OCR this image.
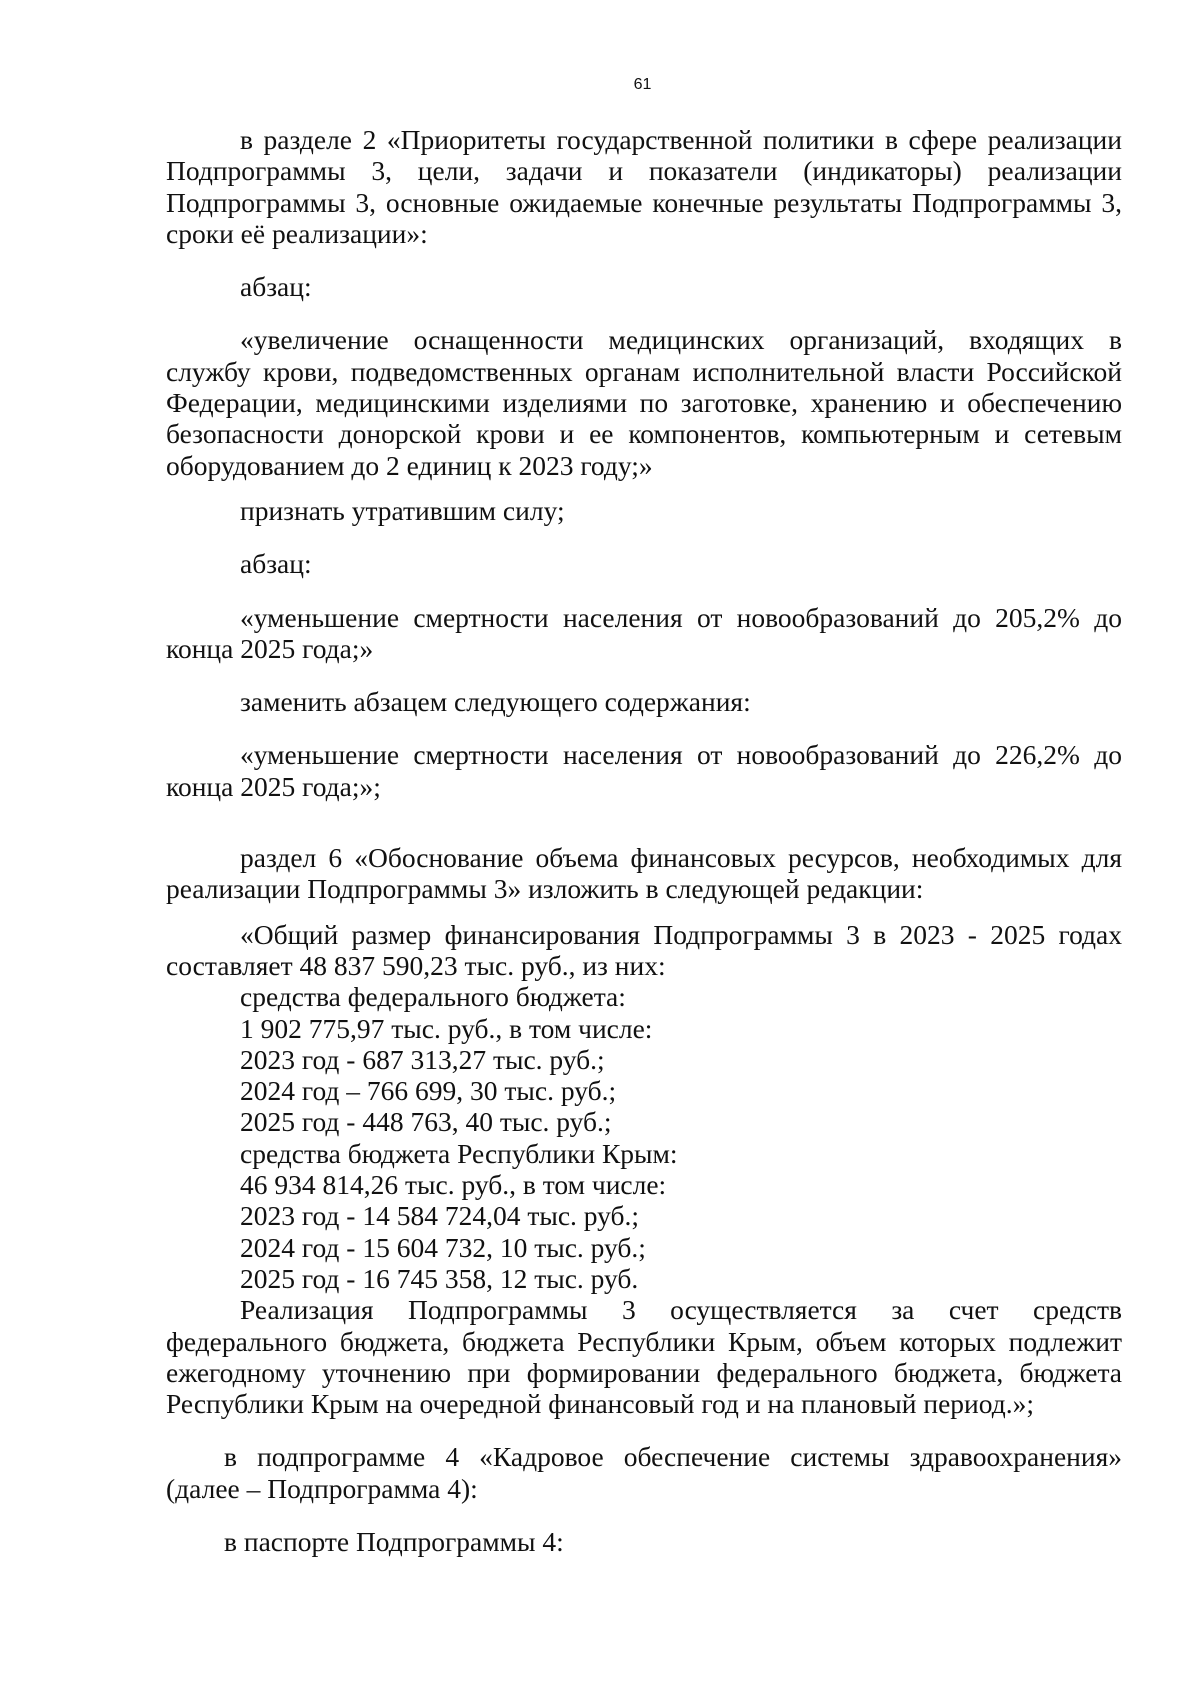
61

в разделе 2 «Приоритеты государственной политики в сфере реализации Подпрограммы 3, цели, задачи и показатели (индикаторы) реализации Подпрограммы 3, основные ожидаемые конечные результаты Подпрограммы 3, сроки её реализации»:

абзац:

«увеличение оснащенности медицинских организаций, входящих в службу крови, подведомственных органам исполнительной власти Российской Федерации, медицинскими изделиями по заготовке, хранению и обеспечению безопасности донорской крови и ее компонентов, компьютерным и сетевым оборудованием до 2 единиц к 2023 году;»

признать утратившим силу;

абзац:

«уменьшение смертности населения от новообразований до 205,2% до конца 2025 года;»

заменить абзацем следующего содержания:

«уменьшение смертности населения от новообразований до 226,2% до конца 2025 года;»;

раздел 6 «Обоснование объема финансовых ресурсов, необходимых для реализации Подпрограммы 3» изложить в следующей редакции:

«Общий размер финансирования Подпрограммы 3 в 2023 - 2025 годах составляет 48 837 590,23 тыс. руб., из них:

средства федерального бюджета:

1 902 775,97 тыс. руб., в том числе:

2023 год - 687 313,27 тыс. руб.;

2024 год – 766 699, 30 тыс. руб.;

2025 год - 448 763, 40 тыс. руб.;

средства бюджета Республики Крым:

46 934 814,26 тыс. руб., в том числе:

2023 год - 14 584 724,04 тыс. руб.;

2024 год - 15 604 732, 10 тыс. руб.;

2025 год - 16 745 358, 12 тыс. руб.

Реализация Подпрограммы 3 осуществляется за счет средств федерального бюджета, бюджета Республики Крым, объем которых подлежит ежегодному уточнению при формировании федерального бюджета, бюджета Республики Крым на очередной финансовый год и на плановый период.»;

в подпрограмме 4 «Кадровое обеспечение системы здравоохранения» (далее – Подпрограмма 4):

в паспорте Подпрограммы 4:
